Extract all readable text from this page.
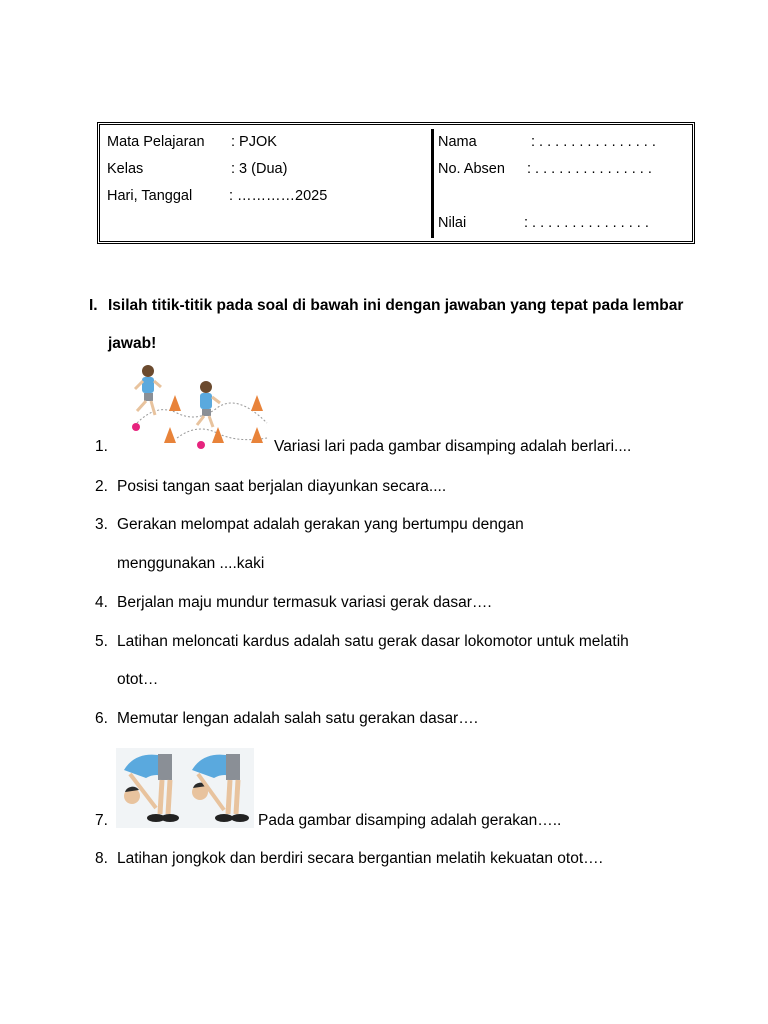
Mata Pelajaran : PJOK
Kelas	: 3 (Dua)
Hari, Tanggal	: …………2025
Nama	: . . . . . . . . . . . . . . .
No. Absen : . . . . . . . . . . . . . . .
Nilai	: . . . . . . . . . . . . . . .
I. Isilah titik-titik pada soal di bawah ini dengan jawaban yang tepat pada lembar jawab!
1.	Variasi lari pada gambar disamping adalah berlari....
2. Posisi tangan saat berjalan diayunkan secara....
3. Gerakan melompat adalah gerakan yang bertumpu dengan
menggunakan ....kaki
4. Berjalan maju mundur termasuk variasi gerak dasar….
5. Latihan meloncati kardus adalah satu gerak dasar lokomotor untuk melatih
otot…
6. Memutar lengan adalah salah satu gerakan dasar….
7.	Pada gambar disamping adalah gerakan…..
8. Latihan jongkok dan berdiri secara bergantian melatih kekuatan otot….
